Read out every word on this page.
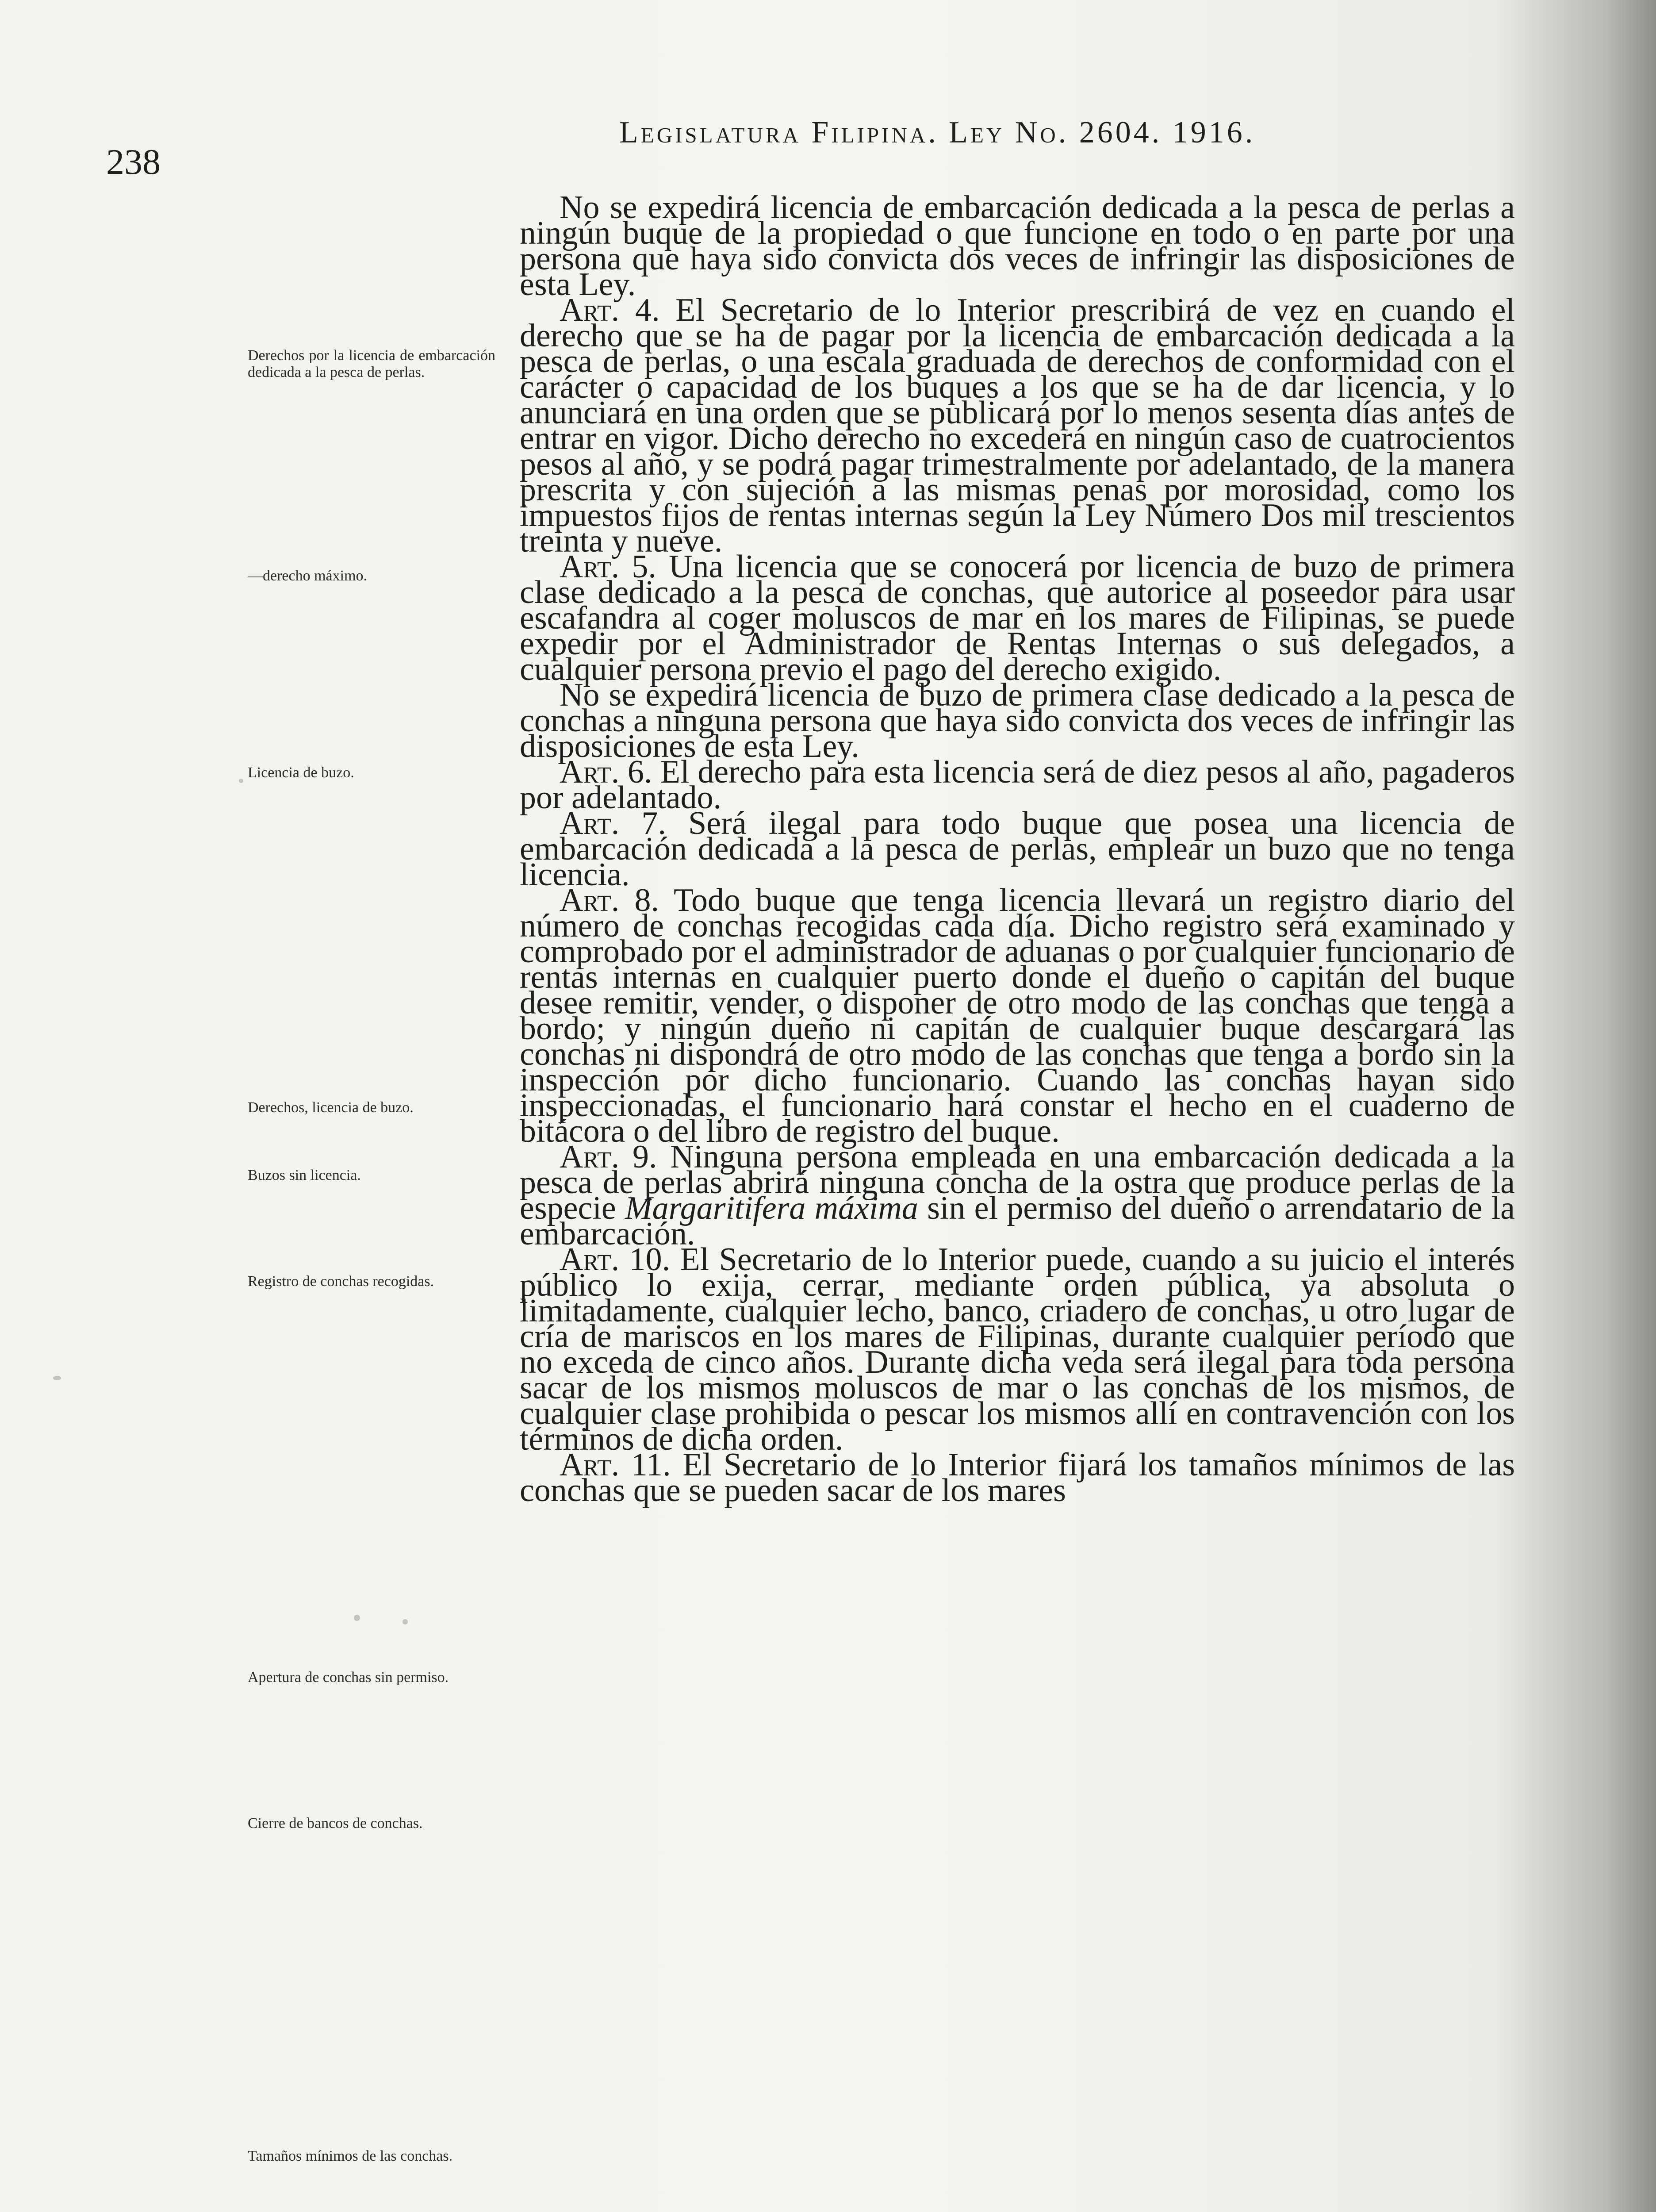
238
Legislatura Filipina. Ley No. 2604. 1916.
Derechos por la licencia de embarcación dedicada a la pesca de perlas.
—derecho máximo.
Licencia de buzo.
Derechos, licencia de buzo.
Buzos sin licencia.
Registro de conchas recogidas.
Apertura de conchas sin permiso.
Cierre de bancos de conchas.
Tamaños mínimos de las conchas.

No se expedirá licencia de embarcación dedicada a la pesca de perlas a ningún buque de la propiedad o que funcione en todo o en parte por una persona que haya sido convicta dos veces de infringir las disposiciones de esta Ley.

Art. 4. El Secretario de lo Interior prescribirá de vez en cuando el derecho que se ha de pagar por la licencia de embarcación dedicada a la pesca de perlas, o una escala graduada de derechos de conformidad con el carácter o capacidad de los buques a los que se ha de dar licencia, y lo anunciará en una orden que se publicará por lo menos sesenta días antes de entrar en vigor. Dicho derecho no excederá en ningún caso de cuatrocientos pesos al año, y se podrá pagar trimestralmente por adelantado, de la manera prescrita y con sujeción a las mismas penas por morosidad, como los impuestos fijos de rentas internas según la Ley Número Dos mil trescientos treinta y nueve.

Art. 5. Una licencia que se conocerá por licencia de buzo de primera clase dedicado a la pesca de conchas, que autorice al poseedor para usar escafandra al coger moluscos de mar en los mares de Filipinas, se puede expedir por el Administrador de Rentas Internas o sus delegados, a cualquier persona previo el pago del derecho exigido.

No se expedirá licencia de buzo de primera clase dedicado a la pesca de conchas a ninguna persona que haya sido convicta dos veces de infringir las disposiciones de esta Ley.

Art. 6. El derecho para esta licencia será de diez pesos al año, pagaderos por adelantado.

Art. 7. Será ilegal para todo buque que posea una licencia de embarcación dedicada a la pesca de perlas, emplear un buzo que no tenga licencia.

Art. 8. Todo buque que tenga licencia llevará un registro diario del número de conchas recogidas cada día. Dicho registro será examinado y comprobado por el administrador de aduanas o por cualquier funcionario de rentas internas en cualquier puerto donde el dueño o capitán del buque desee remitir, vender, o disponer de otro modo de las conchas que tenga a bordo; y ningún dueño ni capitán de cualquier buque descargará las conchas ni dispondrá de otro modo de las conchas que tenga a bordo sin la inspección por dicho funcionario. Cuando las conchas hayan sido inspeccionadas, el funcionario hará constar el hecho en el cuaderno de bitácora o del libro de registro del buque.

Art. 9. Ninguna persona empleada en una embarcación dedicada a la pesca de perlas abrirá ninguna concha de la ostra que produce perlas de la especie Margaritifera máxima sin el permiso del dueño o arrendatario de la embarcación.

Art. 10. El Secretario de lo Interior puede, cuando a su juicio el interés público lo exija, cerrar, mediante orden pública, ya absoluta o limitadamente, cualquier lecho, banco, criadero de conchas, u otro lugar de cría de mariscos en los mares de Filipinas, durante cualquier período que no exceda de cinco años. Durante dicha veda será ilegal para toda persona sacar de los mismos moluscos de mar o las conchas de los mismos, de cualquier clase prohibida o pescar los mismos allí en contravención con los términos de dicha orden.

Art. 11. El Secretario de lo Interior fijará los tamaños mínimos de las conchas que se pueden sacar de los mares
